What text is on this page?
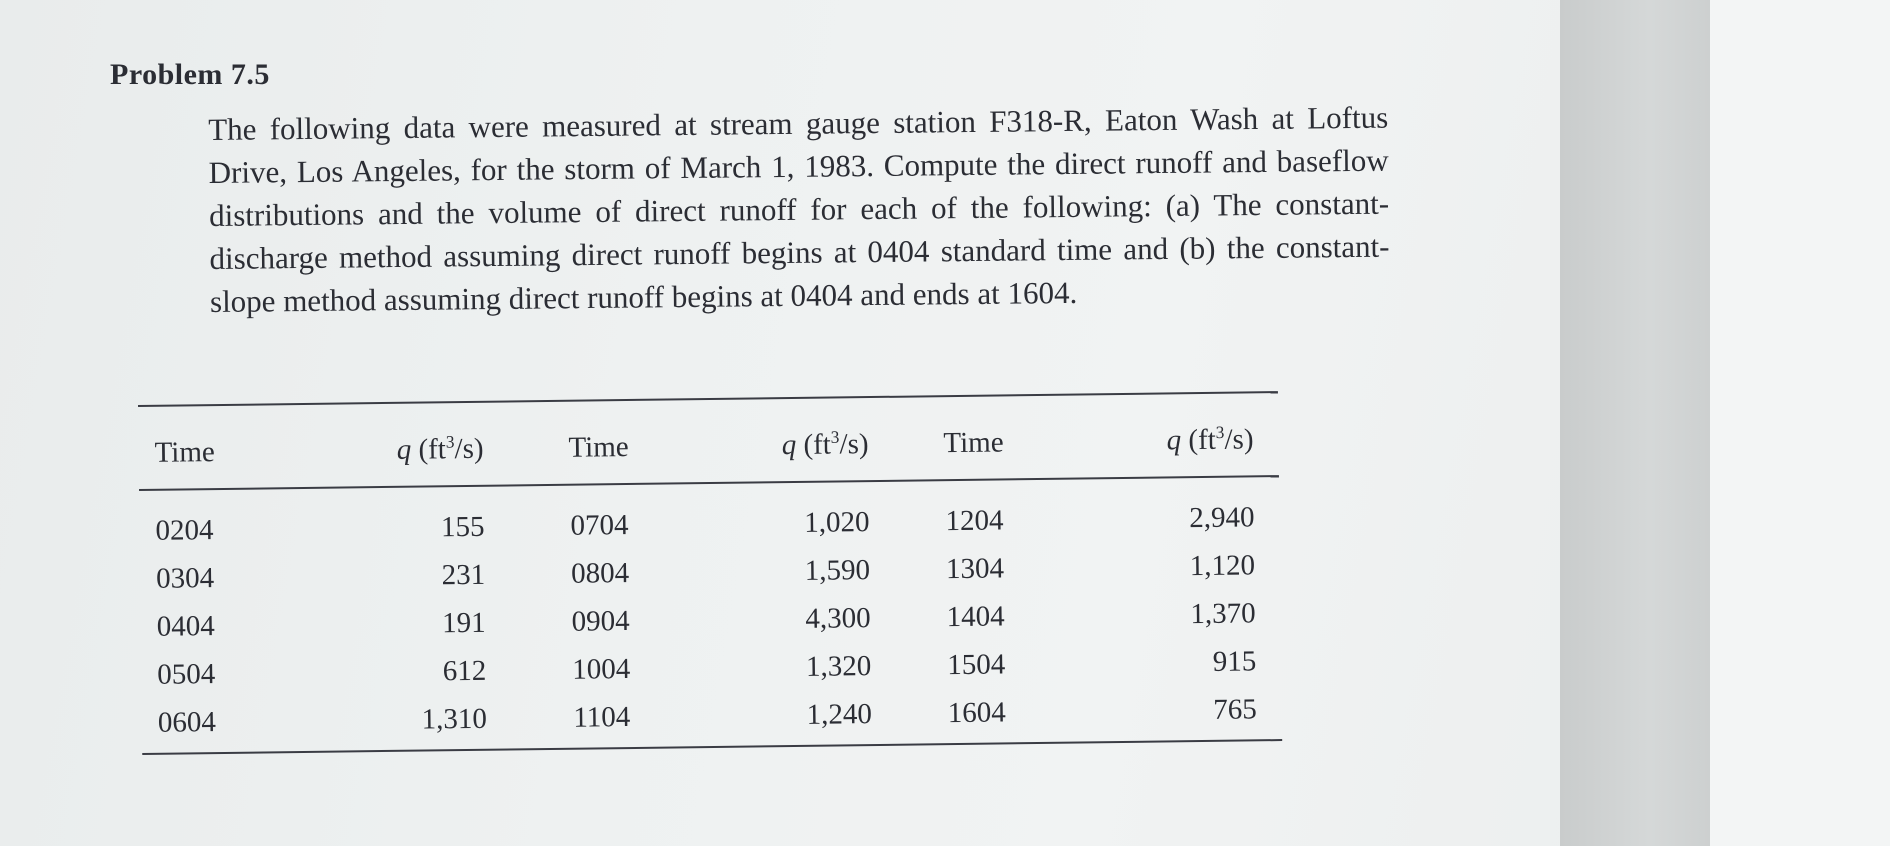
Problem 7.5
The following data were measured at stream gauge station F318-R, Eaton Wash at Loftus Drive, Los Angeles, for the storm of March 1, 1983. Compute the direct runoff and baseflow distributions and the volume of direct runoff for each of the following: (a) The constant-discharge method assuming direct runoff begins at 0404 standard time and (b) the constant-slope method assuming direct runoff begins at 0404 and ends at 1604.
Time	q $(ft^3/s)$	Time	q $(ft^3/s)$	Time	q $(ft^3/s)$
0204	155	0704	1,020	1204	2,940
0304	231	0804	1,590	1304	1,120
0404	191	0904	4,300	1404	1,370
0504	612	1004	1,320	1504	915
0604	1,310	1104	1,240	1604	765
